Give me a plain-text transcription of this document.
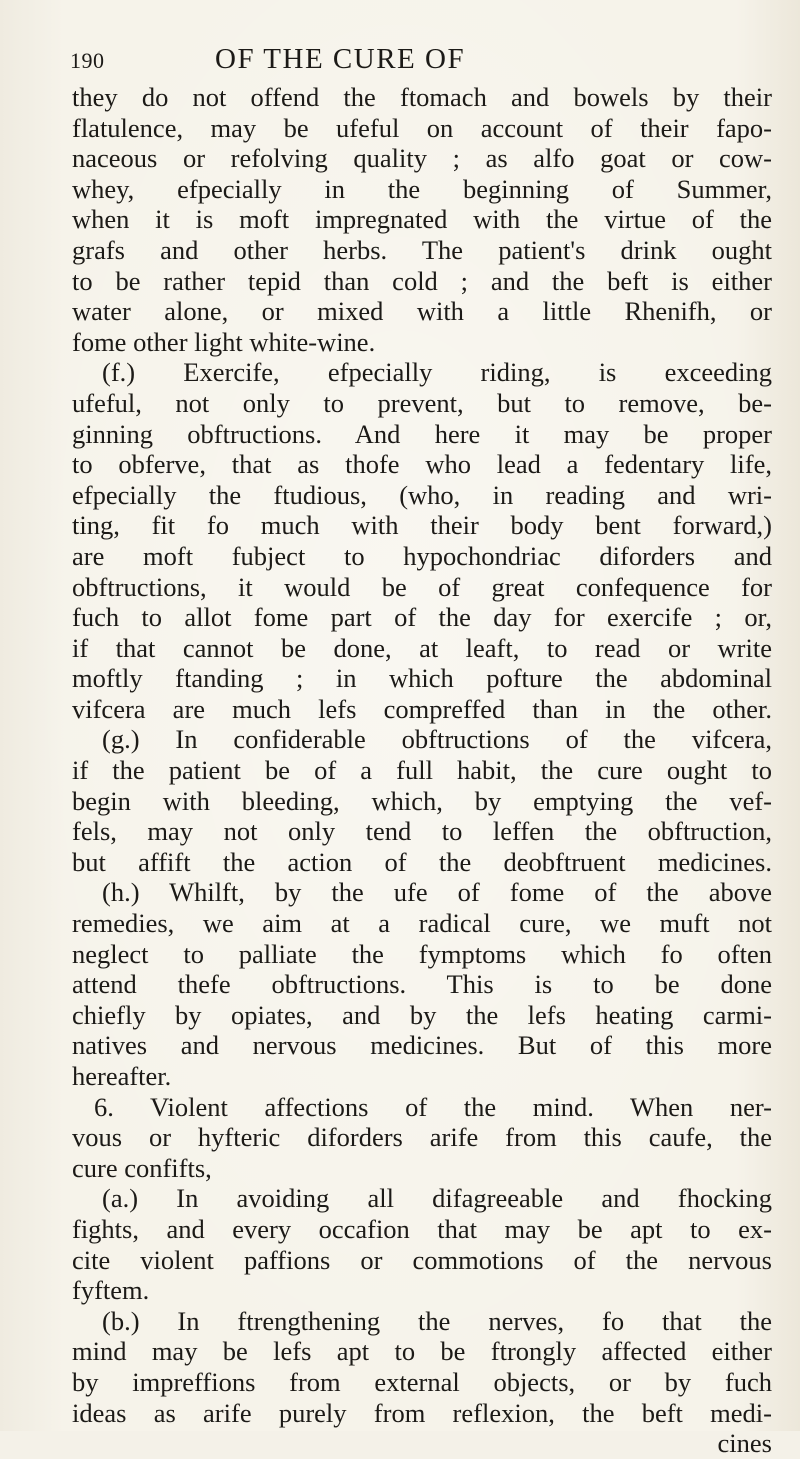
190	OF THE CURE OF
they do not offend the ftomach and bowels by their
flatulence, may be ufeful on account of their fapo-
naceous or refolving quality ; as alfo goat or cow-
whey, efpecially in the beginning of Summer,
when it is moft impregnated with the virtue of the
grafs and other herbs. The patient's drink ought
to be rather tepid than cold ; and the beft is either
water alone, or mixed with a little Rhenifh, or
fome other light white-wine.
(f.) Exercife, efpecially riding, is exceeding
ufeful, not only to prevent, but to remove, be-
ginning obftructions. And here it may be proper
to obferve, that as thofe who lead a fedentary life,
efpecially the ftudious, (who, in reading and wri-
ting, fit fo much with their body bent forward,)
are moft fubject to hypochondriac diforders and
obftructions, it would be of great confequence for
fuch to allot fome part of the day for exercife ; or,
if that cannot be done, at leaft, to read or write
moftly ftanding ; in which pofture the abdominal
vifcera are much lefs compreffed than in the other.
(g.) In confiderable obftructions of the vifcera,
if the patient be of a full habit, the cure ought to
begin with bleeding, which, by emptying the vef-
fels, may not only tend to leffen the obftruction,
but affift the action of the deobftruent medicines.
(h.) Whilft, by the ufe of fome of the above
remedies, we aim at a radical cure, we muft not
neglect to palliate the fymptoms which fo often
attend thefe obftructions. This is to be done
chiefly by opiates, and by the lefs heating carmi-
natives and nervous medicines. But of this more
hereafter.
6. Violent affections of the mind. When ner-
vous or hyfteric diforders arife from this caufe, the
cure confifts,
(a.) In avoiding all difagreeable and fhocking
fights, and every occafion that may be apt to ex-
cite violent paffions or commotions of the nervous
fyftem.
(b.) In ftrengthening the nerves, fo that the
mind may be lefs apt to be ftrongly affected either
by impreffions from external objects, or by fuch
ideas as arife purely from reflexion, the beft medi-
cines
